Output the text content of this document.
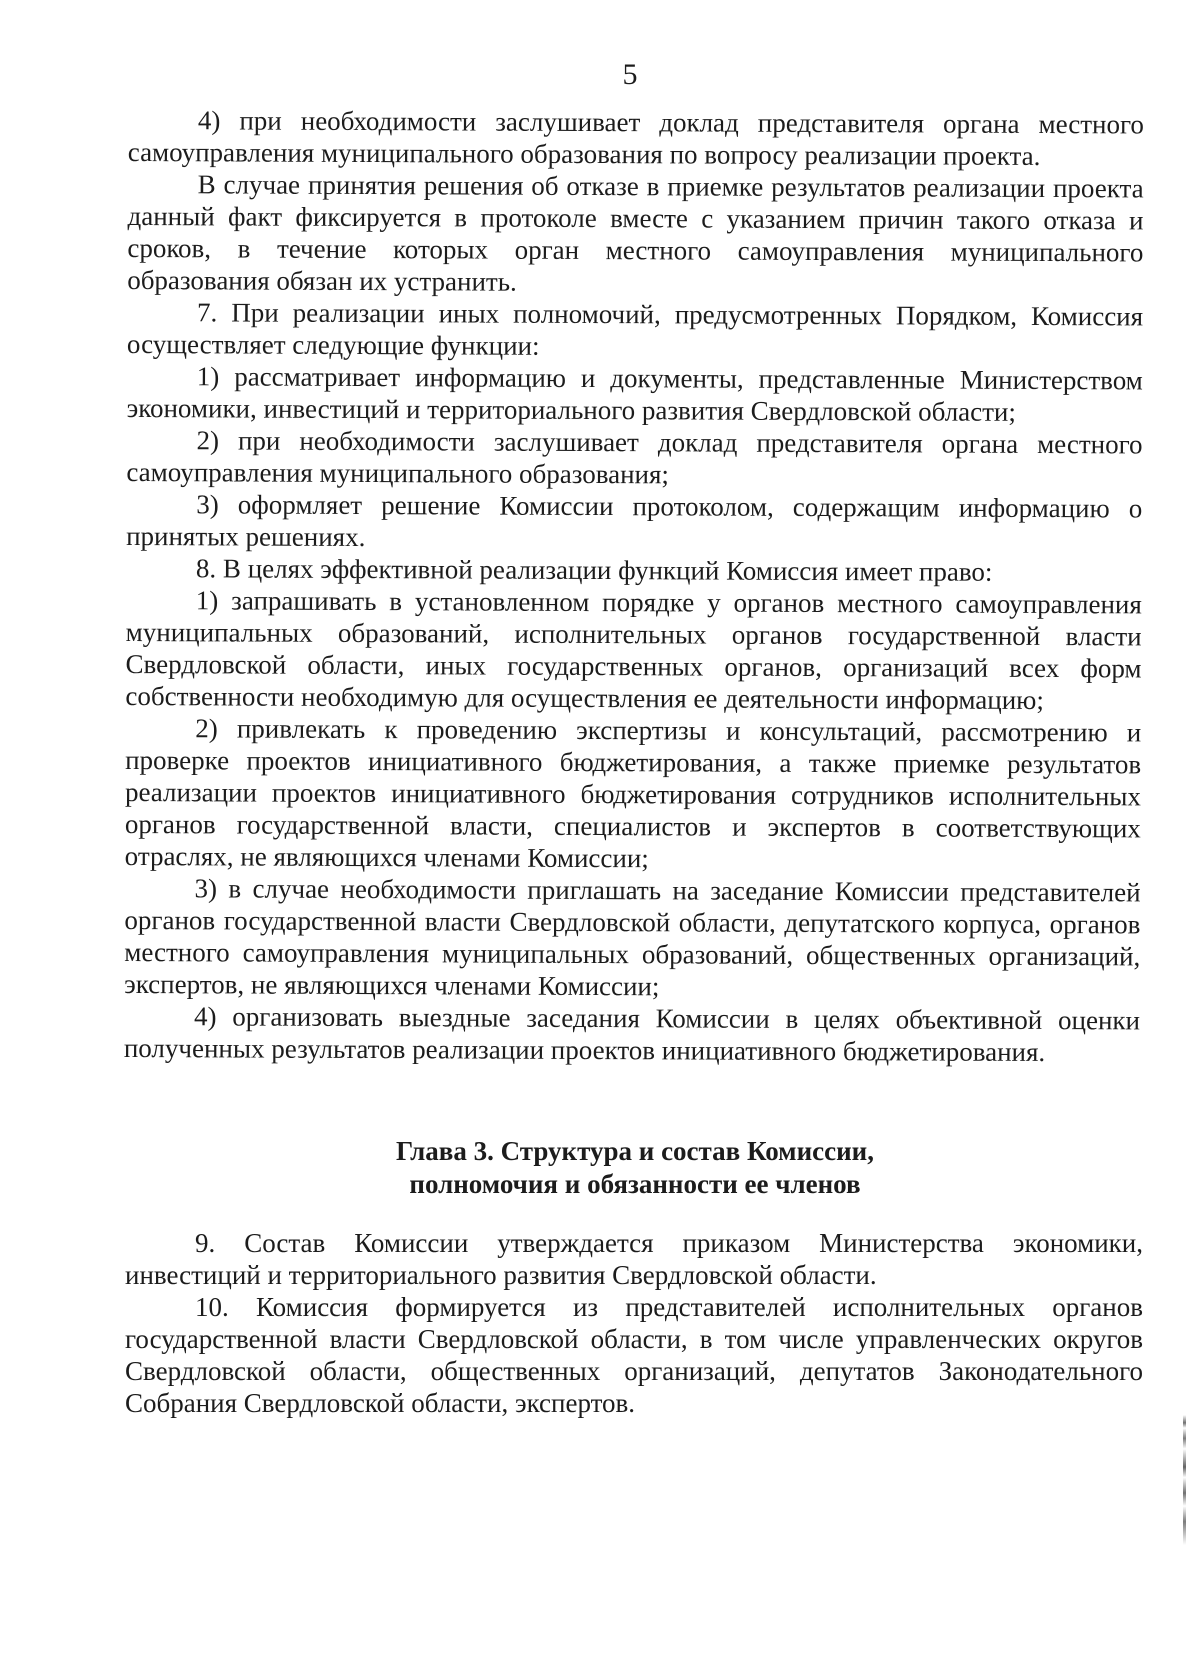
5

4) при необходимости заслушивает доклад представителя органа местного самоуправления муниципального образования по вопросу реализации проекта.

В случае принятия решения об отказе в приемке результатов реализации проекта данный факт фиксируется в протоколе вместе с указанием причин такого отказа и сроков, в течение которых орган местного самоуправления муниципального образования обязан их устранить.

7. При реализации иных полномочий, предусмотренных Порядком, Комиссия осуществляет следующие функции:

1) рассматривает информацию и документы, представленные Министерством экономики, инвестиций и территориального развития Свердловской области;

2) при необходимости заслушивает доклад представителя органа местного самоуправления муниципального образования;

3) оформляет решение Комиссии протоколом, содержащим информацию о принятых решениях.

8. В целях эффективной реализации функций Комиссия имеет право:

1) запрашивать в установленном порядке у органов местного самоуправления муниципальных образований, исполнительных органов государственной власти Свердловской области, иных государственных органов, организаций всех форм собственности необходимую для осуществления ее деятельности информацию;

2) привлекать к проведению экспертизы и консультаций, рассмотрению и проверке проектов инициативного бюджетирования, а также приемке результатов реализации проектов инициативного бюджетирования сотрудников исполнительных органов государственной власти, специалистов и экспертов в соответствующих отраслях, не являющихся членами Комиссии;

3) в случае необходимости приглашать на заседание Комиссии представителей органов государственной власти Свердловской области, депутатского корпуса, органов местного самоуправления муниципальных образований, общественных организаций, экспертов, не являющихся членами Комиссии;

4) организовать выездные заседания Комиссии в целях объективной оценки полученных результатов реализации проектов инициативного бюджетирования.

Глава 3. Структура и состав Комиссии,
полномочия и обязанности ее членов

9. Состав Комиссии утверждается приказом Министерства экономики, инвестиций и территориального развития Свердловской области.

10. Комиссия формируется из представителей исполнительных органов государственной власти Свердловской области, в том числе управленческих округов Свердловской области, общественных организаций, депутатов Законодательного Собрания Свердловской области, экспертов.
